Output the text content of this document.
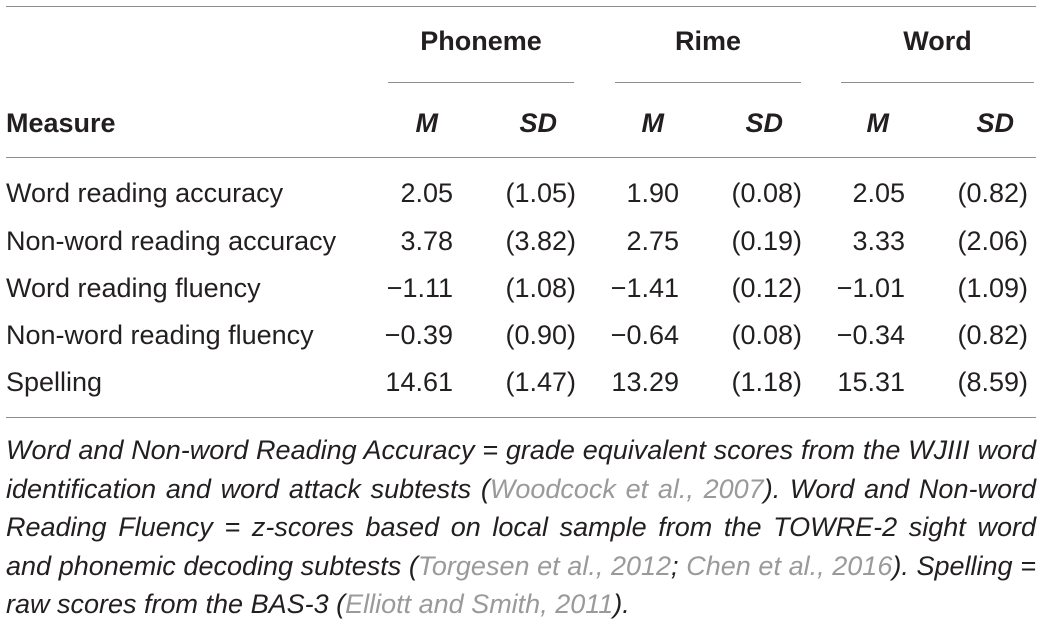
Phoneme	Rime	Word
Measure	M	SD	M	SD	M	SD
Word reading accuracy	2.05	(1.05)	1.90	(0.08)	2.05	(0.82)
Non-word reading accuracy	3.78	(3.82)	2.75	(0.19)	3.33	(2.06)
Word reading fluency	−1.11	(1.08)	−1.41	(0.12)	−1.01	(1.09)
Non-word reading fluency	−0.39	(0.90)	−0.64	(0.08)	−0.34	(0.82)
Spelling	14.61	(1.47)	13.29	(1.18)	15.31	(8.59)
Word and Non-word Reading Accuracy = grade equivalent scores from the WJIII word identification and word attack subtests (Woodcock et al., 2007). Word and Non-word Reading Fluency = z-scores based on local sample from the TOWRE-2 sight word and phonemic decoding subtests (Torgesen et al., 2012; Chen et al., 2016). Spelling = raw scores from the BAS-3 (Elliott and Smith, 2011).
